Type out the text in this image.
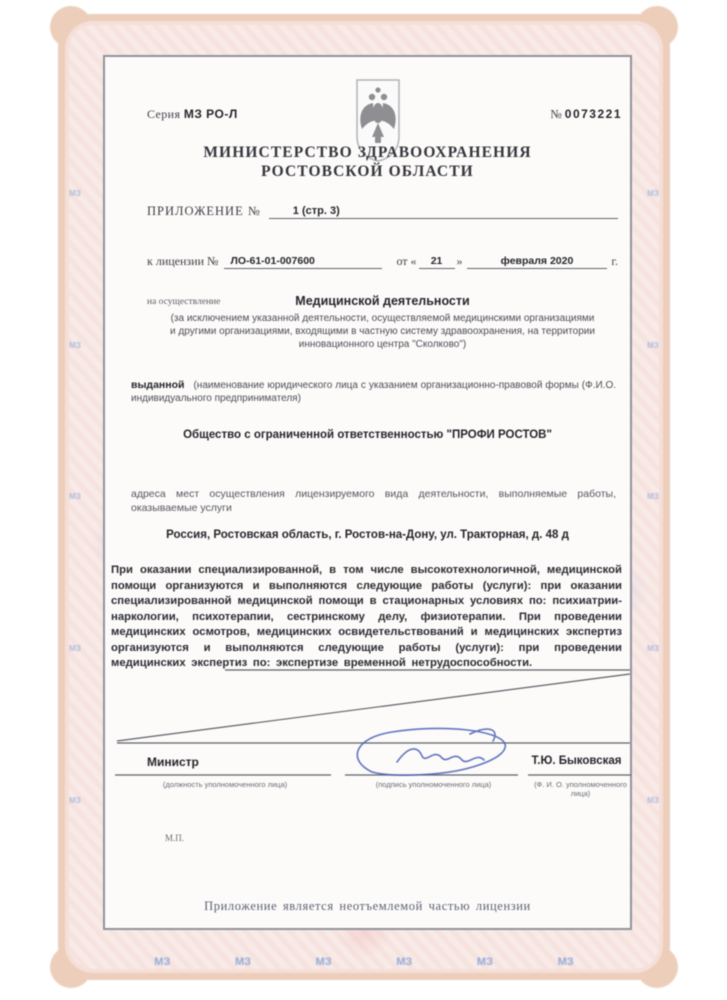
МЗ
МЗ
МЗ
МЗ
МЗ
МЗ
МЗ
МЗ
МЗ
МЗ
МЗ	МЗ	МЗ	МЗ	МЗ	МЗ
Серия МЗ РО-Л	№ 0073221
МИНИСТЕРСТВО ЗДРАВООХРАНЕНИЯ
РОСТОВСКОЙ ОБЛАСТИ
ПРИЛОЖЕНИЕ №	1 (стр. 3)
к лицензии №	ЛО-61-01-007600	от «	21	»	февраля 2020	г.
на осуществление	Медицинской деятельности
(за исключением указанной деятельности, осуществляемой медицинскими организациями и другими организациями, входящими в частную систему здравоохранения, на территории инновационного центра "Сколково")
выданной (наименование юридического лица с указанием организационно-правовой формы (Ф.И.О. индивидуального предпринимателя)
Общество с ограниченной ответственностью "ПРОФИ РОСТОВ"
адреса мест осуществления лицензируемого вида деятельности, выполняемые работы, оказываемые услуги
Россия, Ростовская область, г. Ростов-на-Дону, ул. Тракторная, д. 48 д
При оказании специализированной, в том числе высокотехнологичной, медицинской помощи организуются и выполняются следующие работы (услуги): при оказании специализированной медицинской помощи в стационарных условиях по: психиатрии-наркологии, психотерапии, сестринскому делу, физиотерапии. При проведении медицинских осмотров, медицинских освидетельствований и медицинских экспертиз организуются и выполняются следующие работы (услуги): при проведении медицинских экспертиз по: экспертизе временной нетрудоспособности.
Министр	Т.Ю. Быковская
(должность уполномоченного лица)	(подпись уполномоченного лица)	(Ф. И. О. уполномоченного лица)
М.П.
Приложение является неотъемлемой частью лицензии
